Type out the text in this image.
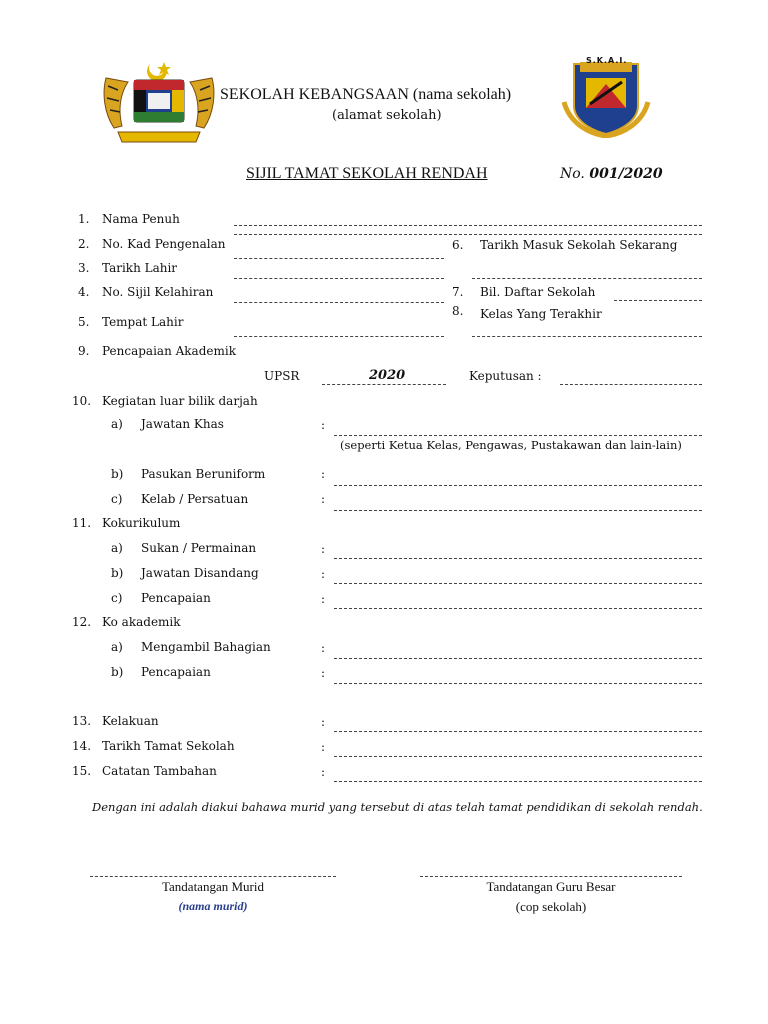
SEKOLAH KEBANGSAAN (nama sekolah)
(alamat sekolah)
S.K.A.I.
SIJIL TAMAT SEKOLAH RENDAH	No. 001/2020
1. Nama Penuh
2. No. Kad Pengenalan	6. Tarikh Masuk Sekolah Sekarang
3. Tarikh Lahir
4. No. Sijil Kelahiran	7. Bil. Daftar Sekolah
8. Kelas Yang Terakhir
5. Tempat Lahir
9. Pencapaian Akademik
UPSR	2020	Keputusan :
10. Kegiatan luar bilik darjah
a) Jawatan Khas	:
(seperti Ketua Kelas, Pengawas, Pustakawan dan lain-lain)
b) Pasukan Beruniform	:
c) Kelab / Persatuan	:
11. Kokurikulum
a) Sukan / Permainan	:
b) Jawatan Disandang	:
c) Pencapaian	:
12. Ko akademik
a) Mengambil Bahagian	:
b) Pencapaian	:
13. Kelakuan	:
14. Tarikh Tamat Sekolah	:
15. Catatan Tambahan	:
Dengan ini adalah diakui bahawa murid yang tersebut di atas telah tamat pendidikan di sekolah rendah.
Tandatangan Murid
(nama murid)
Tandatangan Guru Besar
(cop sekolah)
